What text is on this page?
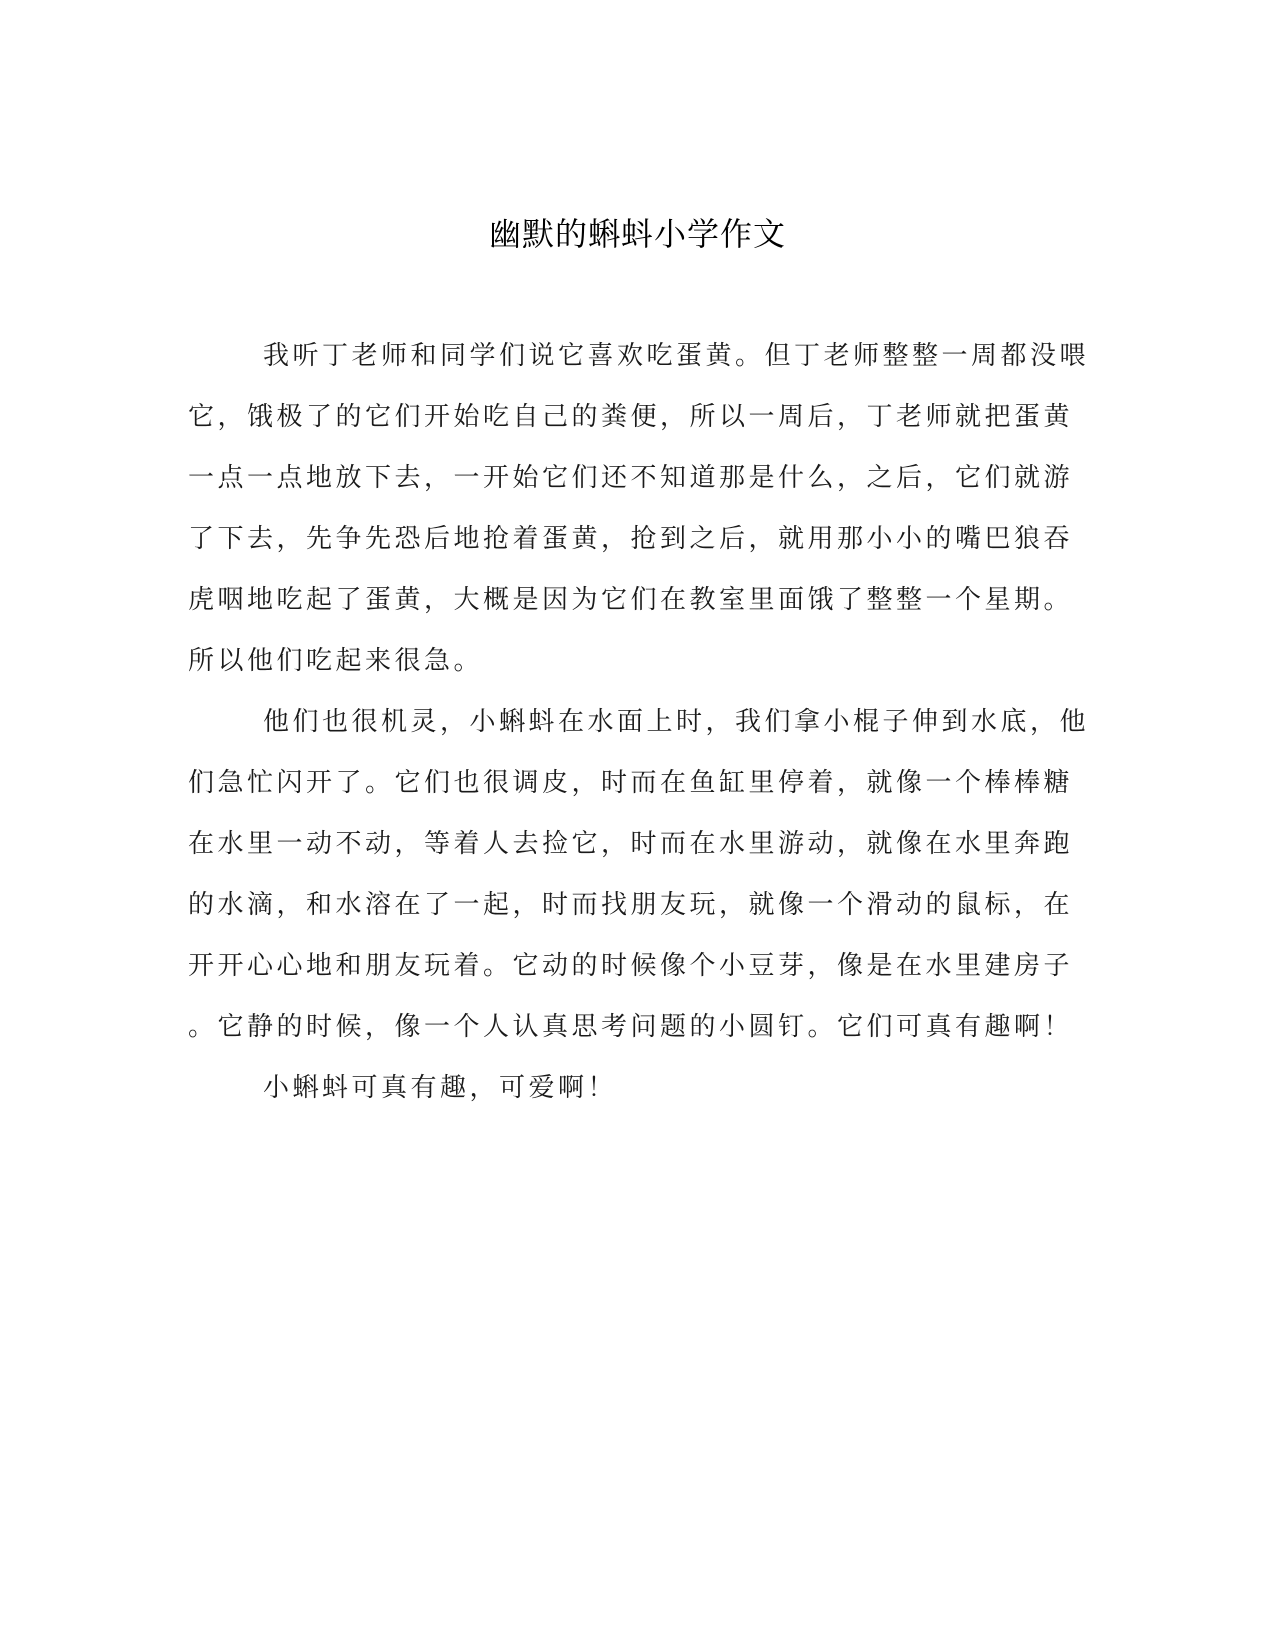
幽默的蝌蚪小学作文
我听丁老师和同学们说它喜欢吃蛋黄。但丁老师整整一周都没喂
它，饿极了的它们开始吃自己的粪便，所以一周后，丁老师就把蛋黄
一点一点地放下去，一开始它们还不知道那是什么，之后，它们就游
了下去，先争先恐后地抢着蛋黄，抢到之后，就用那小小的嘴巴狼吞
虎咽地吃起了蛋黄，大概是因为它们在教室里面饿了整整一个星期。
所以他们吃起来很急。
他们也很机灵，小蝌蚪在水面上时，我们拿小棍子伸到水底，他
们急忙闪开了。它们也很调皮，时而在鱼缸里停着，就像一个棒棒糖
在水里一动不动，等着人去捡它，时而在水里游动，就像在水里奔跑
的水滴，和水溶在了一起，时而找朋友玩，就像一个滑动的鼠标，在
开开心心地和朋友玩着。它动的时候像个小豆芽，像是在水里建房子
。它静的时候，像一个人认真思考问题的小圆钉。它们可真有趣啊！
小蝌蚪可真有趣，可爱啊！
